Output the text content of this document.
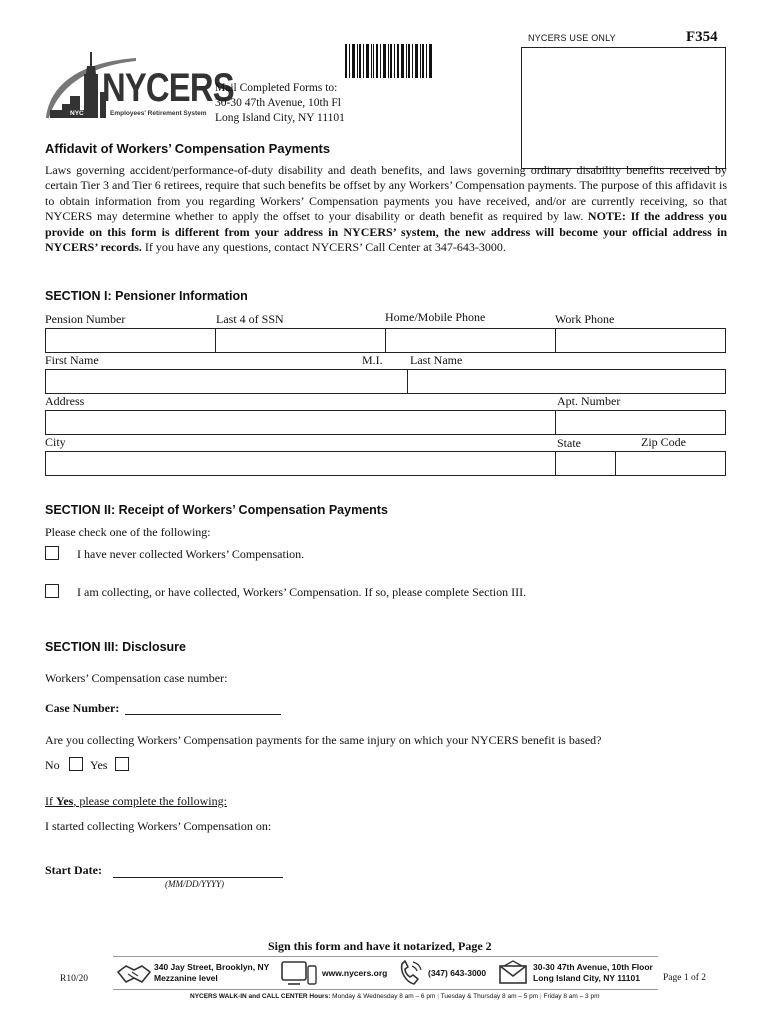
NYCERS USE ONLY	F354
NYCERS
NYC	Employees' Retirement System
Mail Completed Forms to:
30-30 47th Avenue, 10th Fl
Long Island City, NY 11101
Affidavit of Workers’ Compensation Payments
Laws governing accident/performance-of-duty disability and death benefits, and laws governing ordinary disability benefits received by certain Tier 3 and Tier 6 retirees, require that such benefits be offset by any Workers’ Compensation payments. The purpose of this affidavit is to obtain information from you regarding Workers’ Compensation payments you have received, and/or are currently receiving, so that NYCERS may determine whether to apply the offset to your disability or death benefit as required by law. NOTE: If the address you provide on this form is different from your address in NYCERS’ system, the new address will become your official address in NYCERS’ records. If you have any questions, contact NYCERS’ Call Center at 347-643-3000.
SECTION I: Pensioner Information
Pension Number	Last 4 of SSN	Home/Mobile Phone	Work Phone
First Name	M.I. Last Name
Address	Apt. Number
City	State	Zip Code
SECTION II: Receipt of Workers’ Compensation Payments
Please check one of the following:
I have never collected Workers’ Compensation.
I am collecting, or have collected, Workers’ Compensation. If so, please complete Section III.
SECTION III: Disclosure
Workers’ Compensation case number:
Case Number:
Are you collecting Workers’ Compensation payments for the same injury on which your NYCERS benefit is based?
No	Yes
If Yes, please complete the following:
I started collecting Workers’ Compensation on:
Start Date:
(MM/DD/YYYY)
Sign this form and have it notarized, Page 2
R10/20
340 Jay Street, Brooklyn, NY
Mezzanine level	www.nycers.org	(347) 643-3000
30-30 47th Avenue, 10th Floor
Long Island City, NY 11101	Page 1 of 2
NYCERS WALK-IN and CALL CENTER Hours: Monday & Wednesday 8 am – 6 pm | Tuesday & Thursday 8 am – 5 pm | Friday 8 am – 3 pm
